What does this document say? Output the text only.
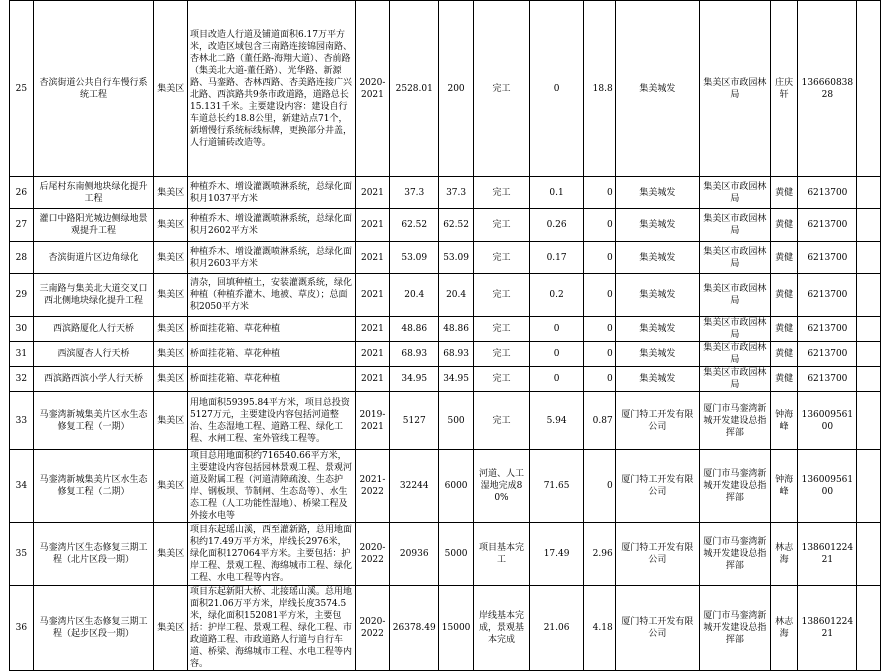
25	杏滨街道公共自行车慢行系统工程	集美区	项目改造人行道及铺道面积6.17万平方米，改造区域包含三南路连接锦园南路、杏林北二路（董任路-海翔大道）、杏前路（集美北大道-董任路）、光华路、新源路、马銮路、杏林西路、杏美路连接广兴北路、西滨路共9条市政道路，道路总长15.131千米。主要建设内容：建设自行车道总长约18.8公里，新建站点71个，新增慢行系统标线标牌，更换部分井盖，人行道铺砖改造等。	2020-2021	2528.01	200	完工	0	18.8	集美城发	集美区市政园林局	庄庆轩	13666083828	
26	后尾村东南侧地块绿化提升工程	集美区	种植乔木、增设灌溉喷淋系统，总绿化面积月1037平方米	2021	37.3	37.3	完工	0.1	0	集美城发	集美区市政园林局	黄健	6213700	
27	灌口中路阳光城边侧绿地景观提升工程	集美区	种植乔木、增设灌溉喷淋系统，总绿化面积月2602平方米	2021	62.52	62.52	完工	0.26	0	集美城发	集美区市政园林局	黄健	6213700	
28	杏滨街道片区边角绿化	集美区	种植乔木、增设灌溉喷淋系统，总绿化面积月2603平方米	2021	53.09	53.09	完工	0.17	0	集美城发	集美区市政园林局	黄健	6213700	
29	三南路与集美北大道交叉口西北侧地块绿化提升工程	集美区	清杂，回填种植土，安装灌溉系统，绿化种植（种植乔灌木、地被、草皮）；总面积2050平方米	2021	20.4	20.4	完工	0.2	0	集美城发	集美区市政园林局	黄健	6213700	
30	西滨路厦化人行天桥	集美区	桥面挂花箱、草花种植	2021	48.86	48.86	完工	0	0	集美城发	集美区市政园林局	黄健	6213700	
31	西滨厦杏人行天桥	集美区	桥面挂花箱、草花种植	2021	68.93	68.93	完工	0	0	集美城发	集美区市政园林局	黄健	6213700	
32	西滨路西滨小学人行天桥	集美区	桥面挂花箱、草花种植	2021	34.95	34.95	完工	0	0	集美城发	集美区市政园林局	黄健	6213700	
33	马銮湾新城集美片区水生态修复工程（一期）	集美区	用地面积59395.84平方米，项目总投资5127万元，主要建设内容包括河道整治、生态湿地工程、道路工程、绿化工程、水闸工程、室外管线工程等。	2019-2021	5127	500	完工	5.94	0.87	厦门特工开发有限公司	厦门市马銮湾新城开发建设总指挥部	钟海峰	13600956100	
34	马銮湾新城集美片区水生态修复工程（二期）	集美区	项目总用地面积约716540.66平方米，主要建设内容包括园林景观工程、景观河道及附属工程（河道清障疏浚、生态护岸、钢板坝、节制闸、生态岛等）、水生态工程（人工功能性湿地）、桥梁工程及外接水电等	2021-2022	32244	6000	河道、人工湿地完成80%	71.65	0	厦门特工开发有限公司	厦门市马銮湾新城开发建设总指挥部	钟海峰	13600956100	
35	马銮湾片区生态修复三期工程（北片区段一期）	集美区	项目东起瑶山溪，西至灌新路，总用地面积约17.49万平方米，岸线长2976米，绿化面积127064平方米。主要包括：护岸工程、景观工程、海绵城市工程、绿化工程、水电工程等内容。	2020-2022	20936	5000	项目基本完工	17.49	2.96	厦门特工开发有限公司	厦门市马銮湾新城开发建设总指挥部	林志海	13860122421	
36	马銮湾片区生态修复三期工程（起步区段一期）	集美区	项目东起新阳大桥、北接瑶山溪。总用地面积21.06万平方米，岸线长度3574.5米，绿化面积152081平方米，主要包括：护岸工程、景观工程、绿化工程、市政道路工程、市政道路人行道与自行车道、桥梁、海绵城市工程、水电工程等内容。	2020-2022	26378.49	15000	岸线基本完成，景观基本完成	21.06	4.18	厦门特工开发有限公司	厦门市马銮湾新城开发建设总指挥部	林志海	13860122421	
